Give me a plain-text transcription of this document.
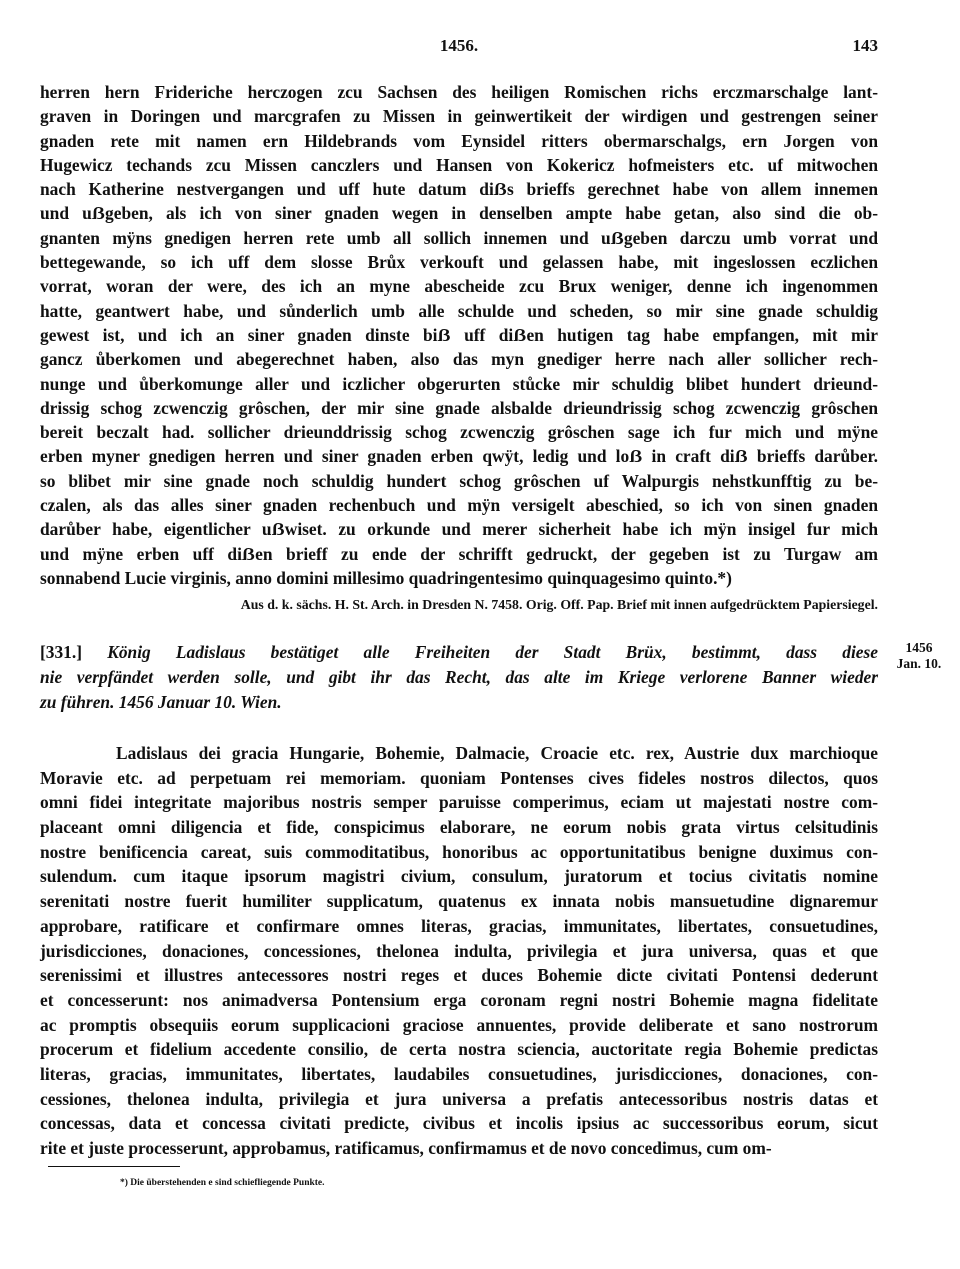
1456.	143
herren hern Frideriche herczogen zcu Sachsen des heiligen Romischen richs erczmarschalge lant-
graven in Doringen und marcgrafen zu Missen in geinwertikeit der wirdigen und gestrengen seiner
gnaden rete mit namen ern Hildebrands vom Eynsidel ritters obermarschalgs, ern Jorgen von
Hugewicz techands zcu Missen canczlers und Hansen von Kokericz hofmeisters etc. uf mitwochen
nach Katherine nestvergangen und uff hute datum diẞs brieffs gerechnet habe von allem innemen
und uẞgeben, als ich von siner gnaden wegen in denselben ampte habe getan, also sind die ob-
gnanten mÿns gnedigen herren rete umb all sollich innemen und uẞgeben darczu umb vorrat und
bettegewande, so ich uff dem slosse Brůx verkouft und gelassen habe, mit ingeslossen eczlichen
vorrat, woran der were, des ich an myne abescheide zcu Brux weniger, denne ich ingenommen
hatte, geantwert habe, und sůnderlich umb alle schulde und scheden, so mir sine gnade schuldig
gewest ist, und ich an siner gnaden dinste biẞ uff diẞen hutigen tag habe empfangen, mit mir
gancz ůberkomen und abegerechnet haben, also das myn gnediger herre nach aller sollicher rech-
nunge und ůberkomunge aller und iczlicher obgerurten stůcke mir schuldig blibet hundert drieund-
drissig schog zcwenczig grôschen, der mir sine gnade alsbalde drieundrissig schog zcwenczig grôschen
bereit beczalt had. sollicher drieunddrissig schog zcwenczig grôschen sage ich fur mich und mÿne
erben myner gnedigen herren und siner gnaden erben qwÿt, ledig und loẞ in craft diẞ brieffs darůber.
so blibet mir sine gnade noch schuldig hundert schog grôschen uf Walpurgis nehstkunfftig zu be-
czalen, als das alles siner gnaden rechenbuch und mÿn versigelt abeschied, so ich von sinen gnaden
darůber habe, eigentlicher uẞwiset. zu orkunde und merer sicherheit habe ich mÿn insigel fur mich
und mÿne erben uff diẞen brieff zu ende der schrifft gedruckt, der gegeben ist zu Turgaw am
sonnabend Lucie virginis, anno domini millesimo quadringentesimo quinquagesimo quinto.*)
Aus d. k. sächs. H. St. Arch. in Dresden N. 7458. Orig. Off. Pap. Brief mit innen aufgedrücktem Papiersiegel.
[331.] König Ladislaus bestätiget alle Freiheiten der Stadt Brüx, bestimmt, dass diese
nie verpfändet werden solle, und gibt ihr das Recht, das alte im Kriege verlorene Banner wieder
zu führen. 1456 Januar 10. Wien.
1456
Jan. 10.
Ladislaus dei gracia Hungarie, Bohemie, Dalmacie, Croacie etc. rex, Austrie dux marchioque
Moravie etc. ad perpetuam rei memoriam. quoniam Pontenses cives fideles nostros dilectos, quos
omni fidei integritate majoribus nostris semper paruisse comperimus, eciam ut majestati nostre com-
placeant omni diligencia et fide, conspicimus elaborare, ne eorum nobis grata virtus celsitudinis
nostre benificencia careat, suis commoditatibus, honoribus ac opportunitatibus benigne duximus con-
sulendum. cum itaque ipsorum magistri civium, consulum, juratorum et tocius civitatis nomine
serenitati nostre fuerit humiliter supplicatum, quatenus ex innata nobis mansuetudine dignaremur
approbare, ratificare et confirmare omnes literas, gracias, immunitates, libertates, consuetudines,
jurisdicciones, donaciones, concessiones, thelonea indulta, privilegia et jura universa, quas et que
serenissimi et illustres antecessores nostri reges et duces Bohemie dicte civitati Pontensi dederunt
et concesserunt: nos animadversa Pontensium erga coronam regni nostri Bohemie magna fidelitate
ac promptis obsequiis eorum supplicacioni graciose annuentes, provide deliberate et sano nostrorum
procerum et fidelium accedente consilio, de certa nostra sciencia, auctoritate regia Bohemie predictas
literas, gracias, immunitates, libertates, laudabiles consuetudines, jurisdicciones, donaciones, con-
cessiones, thelonea indulta, privilegia et jura universa a prefatis antecessoribus nostris datas et
concessas, data et concessa civitati predicte, civibus et incolis ipsius ac successoribus eorum, sicut
rite et juste processerunt, approbamus, ratificamus, confirmamus et de novo concedimus, cum om-
*) Die überstehenden e sind schiefliegende Punkte.
